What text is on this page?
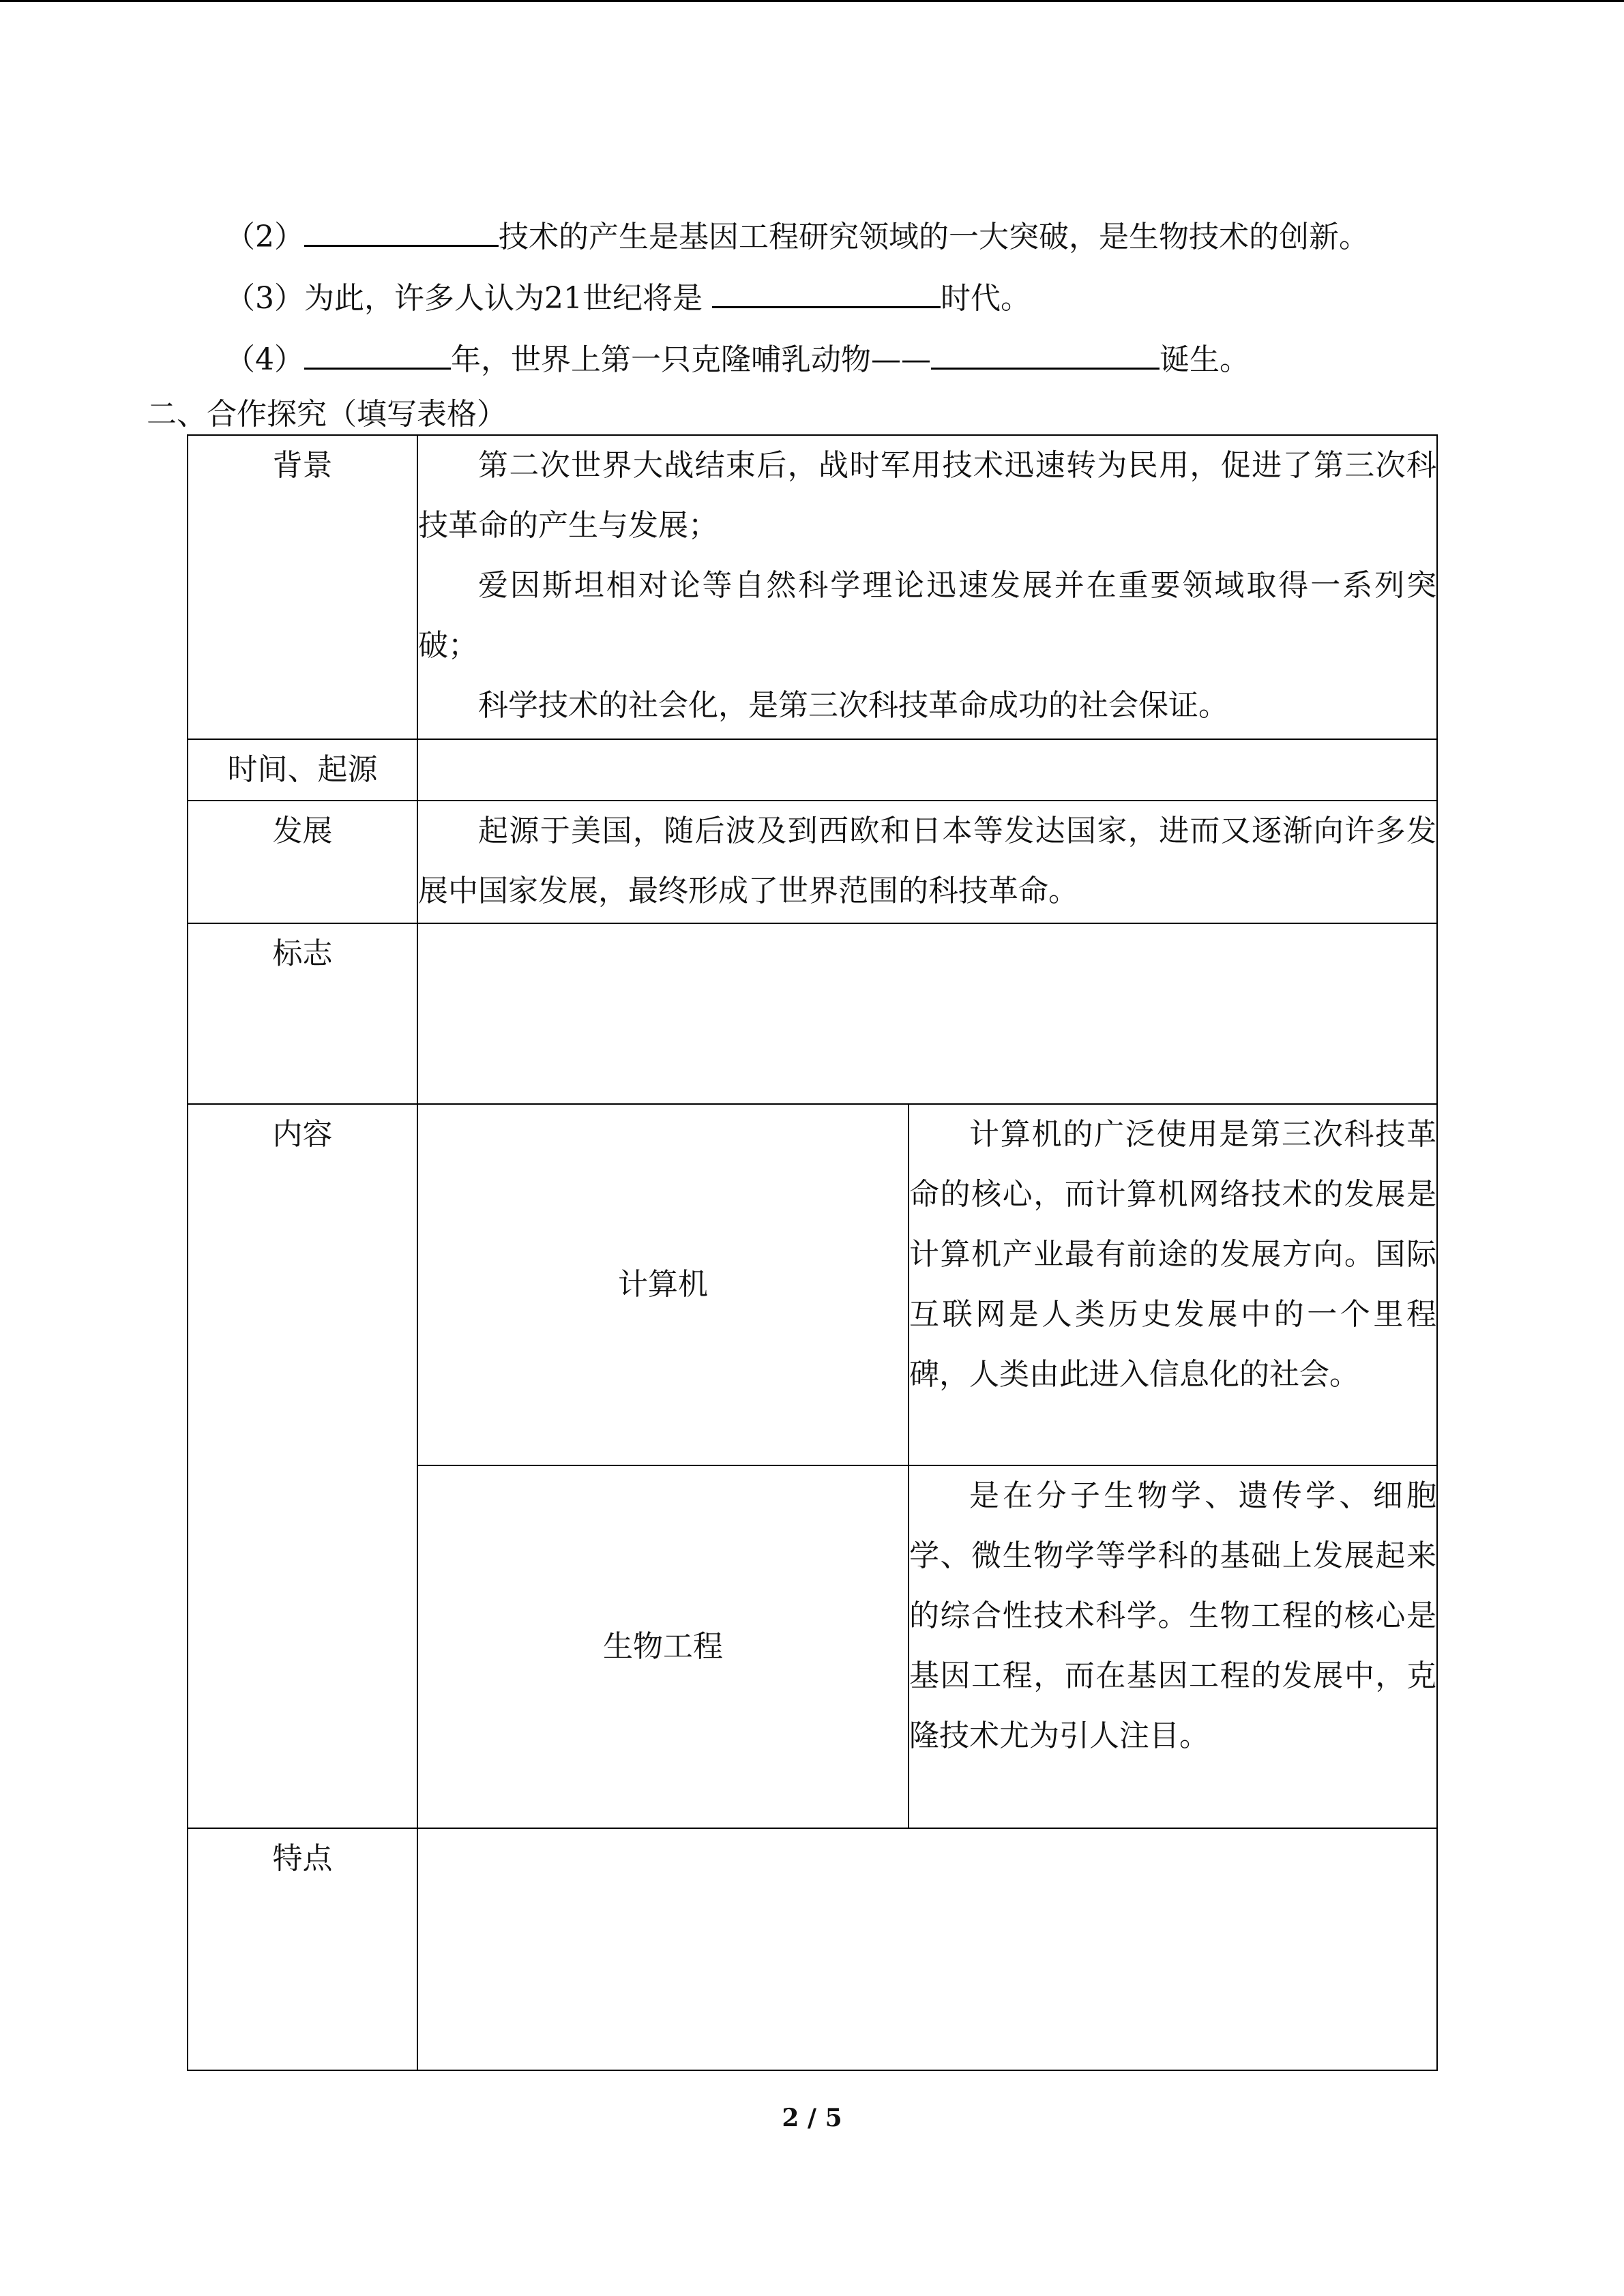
（2）	技术的产生是基因工程研究领域的一大突破，是生物技术的创新。
（3）为此，许多人认为21世纪将是	时代。
（4）	年，世界上第一只克隆哺乳动物——	诞生。
二、合作探究（填写表格）
背景	第二次世界大战结束后，战时军用技术迅速转为民用，促进了第三次科技革命的产生与发展；
爱因斯坦相对论等自然科学理论迅速发展并在重要领域取得一系列突破；
科学技术的社会化，是第三次科技革命成功的社会保证。	

时间、起源		
发展	起源于美国，随后波及到西欧和日本等发达国家，进而又逐渐向许多发展中国家发展，最终形成了世界范围的科技革命。	
标志		
内容	计算机	计算机的广泛使用是第三次科技革命的核心，而计算机网络技术的发展是计算机产业最有前途的发展方向。国际互联网是人类历史发展中的一个里程碑，人类由此进入信息化的社会。
	生物工程	是在分子生物学、遗传学、细胞学、微生物学等学科的基础上发展起来的综合性技术科学。生物工程的核心是基因工程，而在基因工程的发展中，克隆技术尤为引人注目。
特点		
2 / 5
